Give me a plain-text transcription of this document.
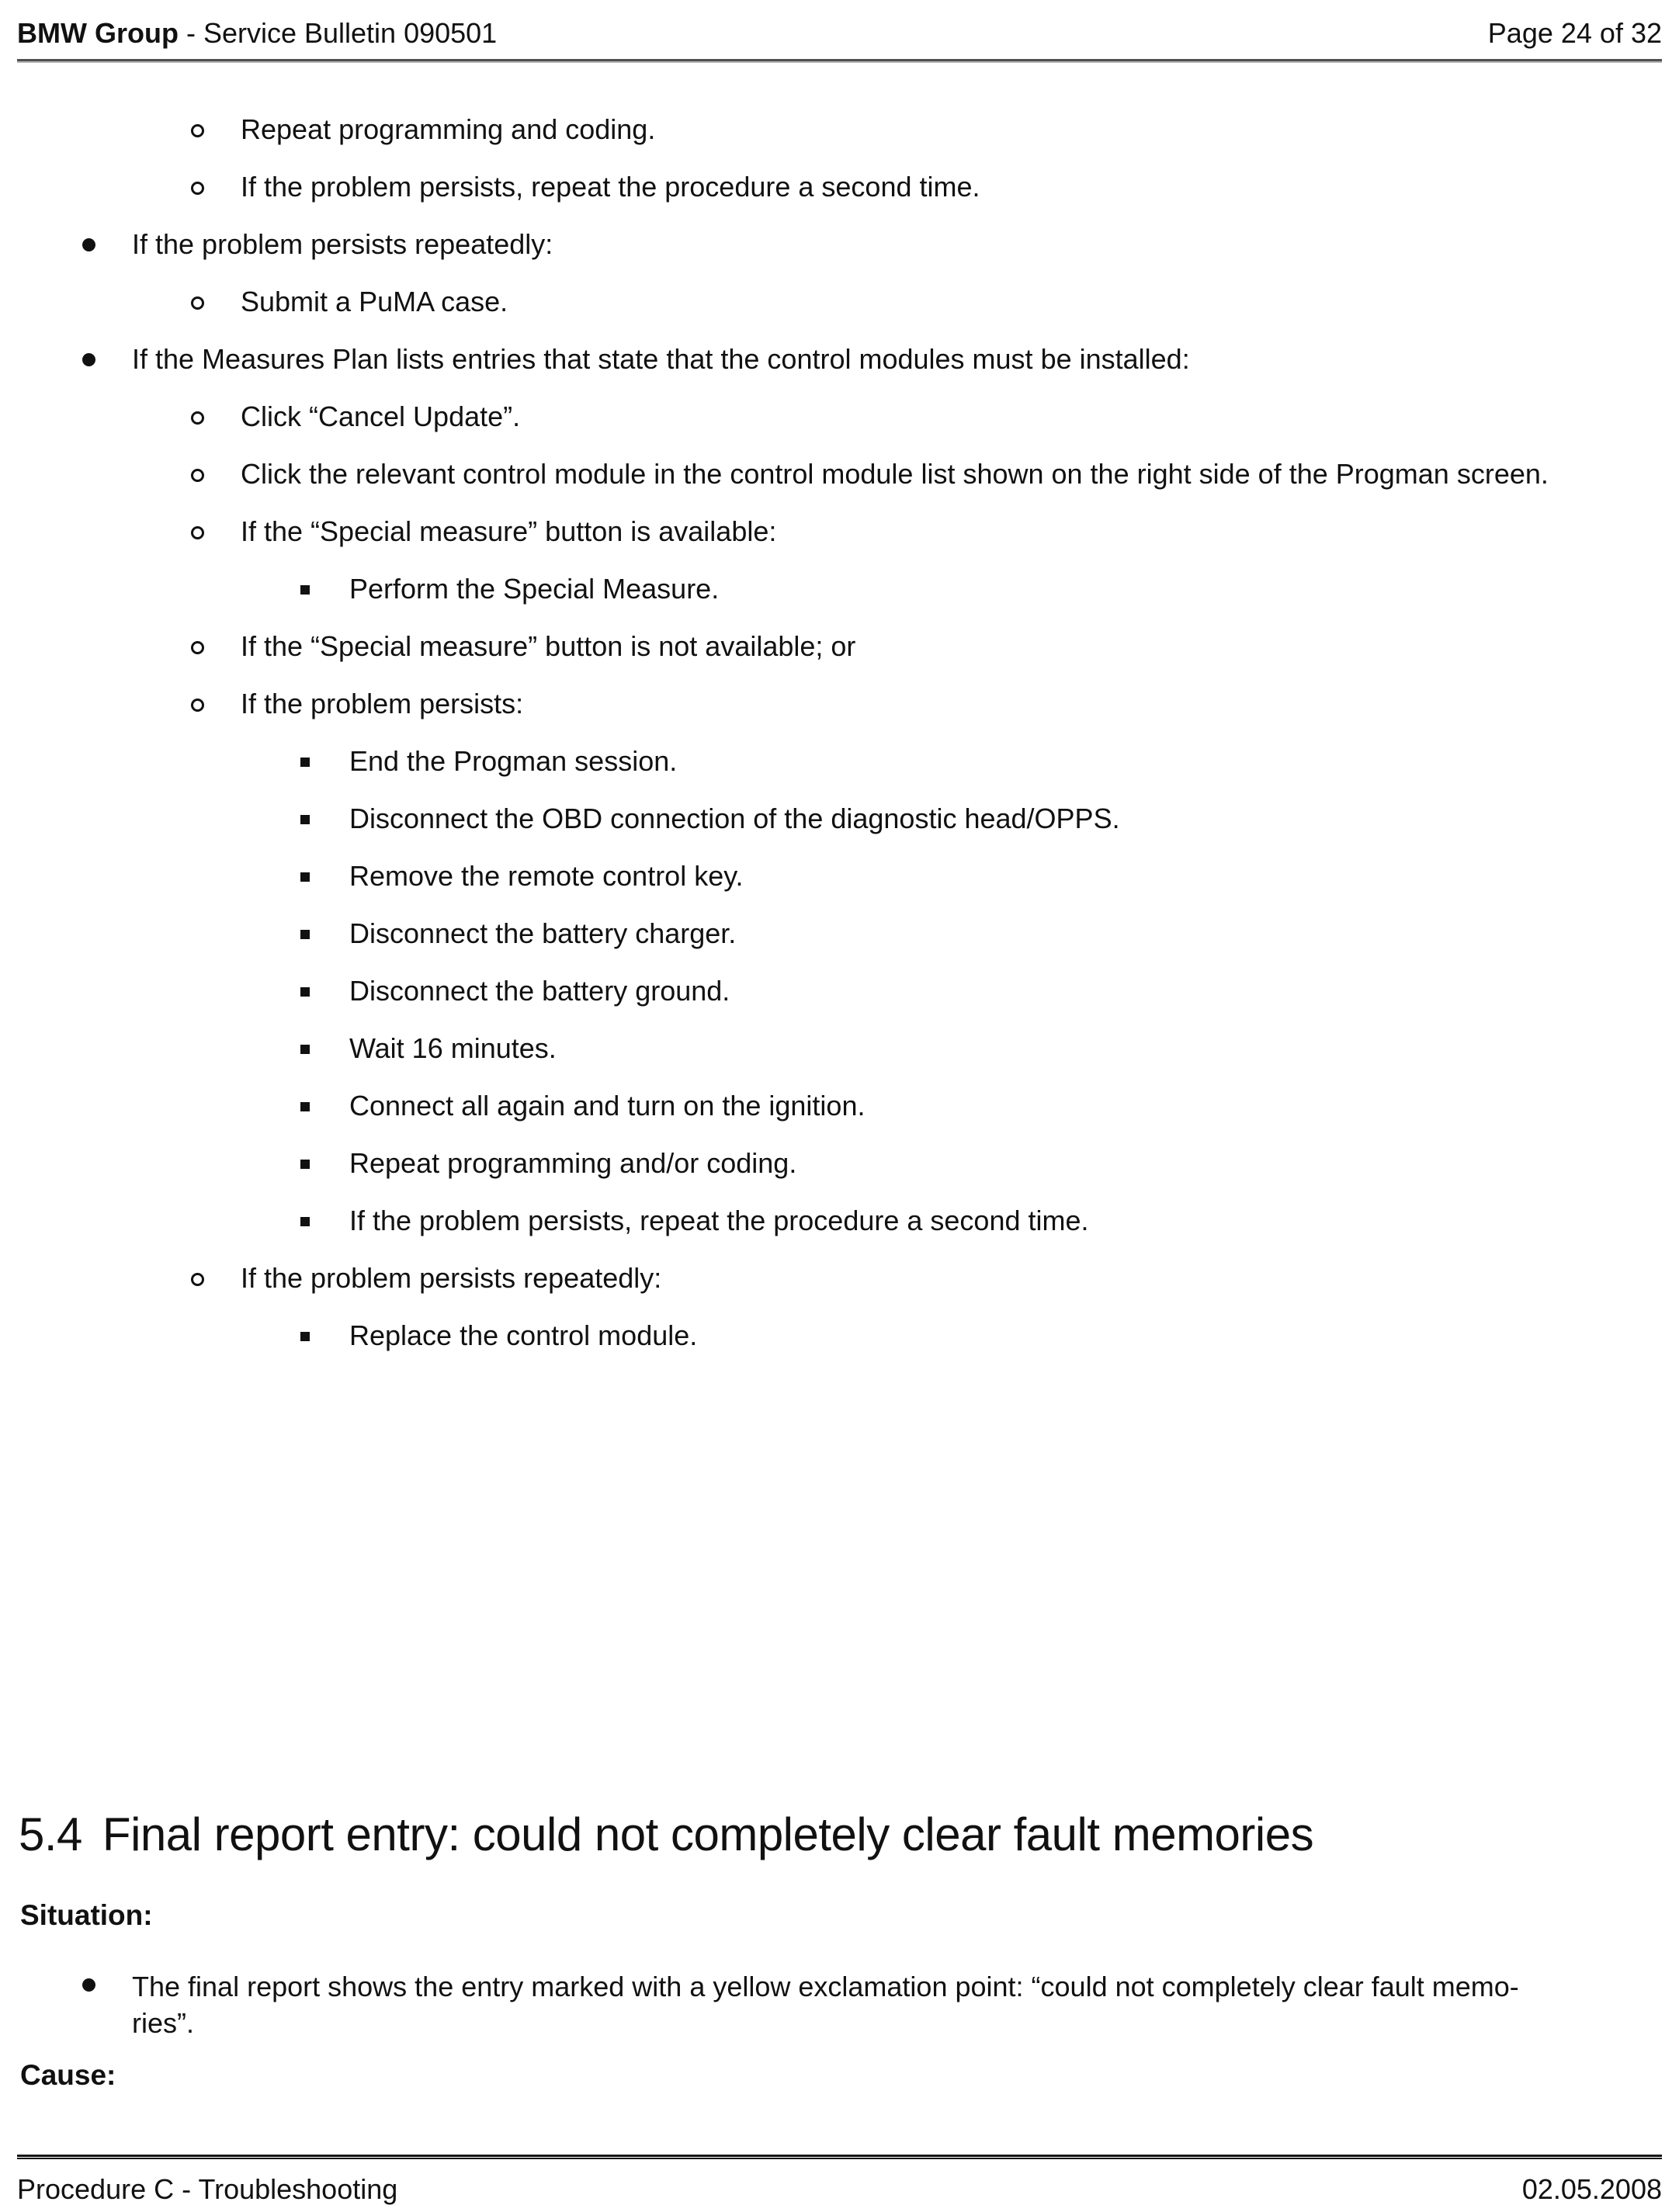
BMW Group - Service Bulletin 090501	Page 24 of 32
Repeat programming and coding.
If the problem persists, repeat the procedure a second time.
If the problem persists repeatedly:
Submit a PuMA case.
If the Measures Plan lists entries that state that the control modules must be installed:
Click “Cancel Update”.
Click the relevant control module in the control module list shown on the right side of the Progman screen.
If the “Special measure” button is available:
Perform the Special Measure.
If the “Special measure” button is not available; or
If the problem persists:
End the Progman session.
Disconnect the OBD connection of the diagnostic head/OPPS.
Remove the remote control key.
Disconnect the battery charger.
Disconnect the battery ground.
Wait 16 minutes.
Connect all again and turn on the ignition.
Repeat programming and/or coding.
If the problem persists, repeat the procedure a second time.
If the problem persists repeatedly:
Replace the control module.
5.4 Final report entry: could not completely clear fault memories
Situation:
The final report shows the entry marked with a yellow exclamation point: “could not completely clear fault memo-
ries”.
Cause:
Procedure C - Troubleshooting	02.05.2008
